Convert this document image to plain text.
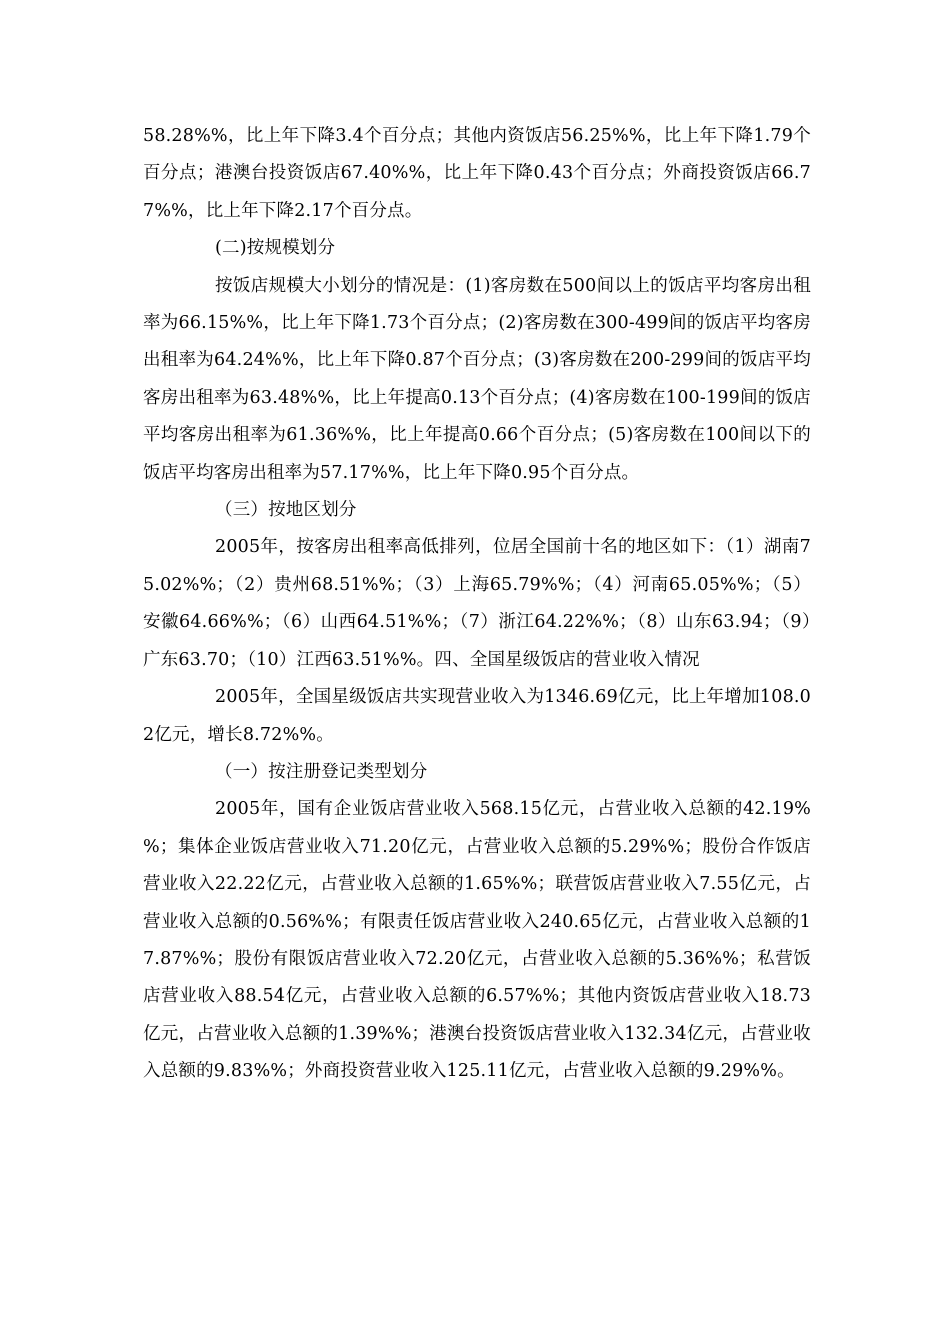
58.28%%，比上年下降3.4个百分点；其他内资饭店56.25%%，比上年下降1.79个百分点；港澳台投资饭店67.40%%，比上年下降0.43个百分点；外商投资饭店66.77%%，比上年下降2.17个百分点。

(二)按规模划分

按饭店规模大小划分的情况是：(1)客房数在500间以上的饭店平均客房出租率为66.15%%，比上年下降1.73个百分点；(2)客房数在300-499间的饭店平均客房出租率为64.24%%，比上年下降0.87个百分点；(3)客房数在200-299间的饭店平均客房出租率为63.48%%，比上年提高0.13个百分点；(4)客房数在100-199间的饭店平均客房出租率为61.36%%，比上年提高0.66个百分点；(5)客房数在100间以下的饭店平均客房出租率为57.17%%，比上年下降0.95个百分点。

（三）按地区划分

2005年，按客房出租率高低排列，位居全国前十名的地区如下：（1）湖南75.02%%；（2）贵州68.51%%；（3）上海65.79%%；（4）河南65.05%%；（5）安徽64.66%%；（6）山西64.51%%；（7）浙江64.22%%；（8）山东63.94；（9）广东63.70；（10）江西63.51%%。四、全国星级饭店的营业收入情况

2005年，全国星级饭店共实现营业收入为1346.69亿元，比上年增加108.02亿元，增长8.72%%。

（一）按注册登记类型划分

2005年，国有企业饭店营业收入568.15亿元，占营业收入总额的42.19%%；集体企业饭店营业收入71.20亿元，占营业收入总额的5.29%%；股份合作饭店营业收入22.22亿元，占营业收入总额的1.65%%；联营饭店营业收入7.55亿元，占营业收入总额的0.56%%；有限责任饭店营业收入240.65亿元，占营业收入总额的17.87%%；股份有限饭店营业收入72.20亿元，占营业收入总额的5.36%%；私营饭店营业收入88.54亿元，占营业收入总额的6.57%%；其他内资饭店营业收入18.73亿元，占营业收入总额的1.39%%；港澳台投资饭店营业收入132.34亿元，占营业收入总额的9.83%%；外商投资营业收入125.11亿元，占营业收入总额的9.29%%。
